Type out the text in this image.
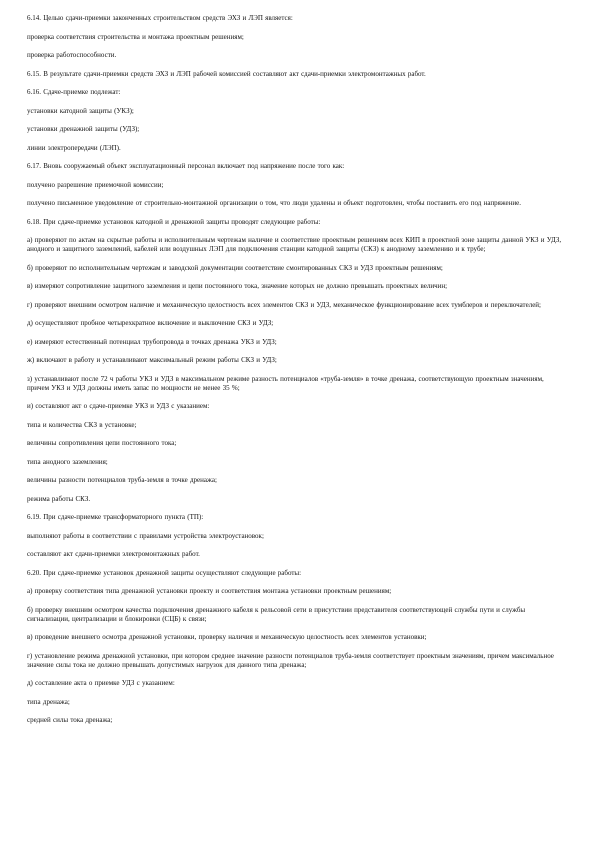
6.14. Целью сдачи-приемки законченных строительством средств ЭХЗ и ЛЭП является:

проверка соответствия строительства и монтажа проектным решениям;

проверка работоспособности.

6.15. В результате сдачи-приемки средств ЭХЗ и ЛЭП рабочей комиссией составляют акт сдачи-приемки электромонтажных работ.

6.16. Сдаче-приемке подлежат:

установки катодной защиты (УКЗ);

установки дренажной защиты (УДЗ);

линии электропередачи (ЛЭП).

6.17. Вновь сооружаемый объект эксплуатационный персонал включает под напряжение после того как:

получено разрешение приемочной комиссии;

получено письменное уведомление от строительно-монтажной организации о том, что люди удалены и объект подготовлен, чтобы поставить его под напряжение.

6.18. При сдаче-приемке установок катодной и дренажной защиты проводят следующие работы:

а) проверяют по актам на скрытые работы и исполнительным чертежам наличие и соответствие проектным решениям всех КИП в проектной зоне защиты данной УКЗ и УДЗ, анодного и защитного заземлений, кабелей или воздушных ЛЭП для подключения станции катодной защиты (СКЗ) к анодному заземлению и к трубе;

б) проверяют по исполнительным чертежам и заводской документации соответствие смонтированных СКЗ и УДЗ проектным решениям;

в) измеряют сопротивление защитного заземления и цепи постоянного тока, значение которых не должно превышать проектных величин;

г) проверяют внешним осмотром наличие и механическую целостность всех элементов СКЗ и УДЗ, механическое функционирование всех тумблеров и переключателей;

д) осуществляют пробное четырехкратное включение и выключение СКЗ и УДЗ;

е) измеряют естественный потенциал трубопровода в точках дренажа УКЗ и УДЗ;

ж) включают в работу и устанавливают максимальный режим работы СКЗ и УДЗ;

з) устанавливают после 72 ч работы УКЗ и УДЗ в максимальном режиме разность потенциалов «труба-земля» в точке дренажа, соответствующую проектным значениям, причем УКЗ и УДЗ должны иметь запас по мощности не менее 35 %;

и) составляют акт о сдаче-приемке УКЗ и УДЗ с указанием:

типа и количества СКЗ в установке;

величины сопротивления цепи постоянного тока;

типа анодного заземления;

величины разности потенциалов труба-земля в точке дренажа;

режима работы СКЗ.

6.19. При сдаче-приемке трансформаторного пункта (ТП):

выполняют работы в соответствии с правилами устройства электроустановок;

составляют акт сдачи-приемки электромонтажных работ.

6.20. При сдаче-приемке установок дренажной защиты осуществляют следующие работы:

а) проверку соответствия типа дренажной установки проекту и соответствия монтажа установки проектным решениям;

б) проверку внешним осмотром качества подключения дренажного кабеля к рельсовой сети в присутствии представителя соответствующей службы пути и службы сигнализации, централизации и блокировки (СЦБ) к связи;

в) проведение внешнего осмотра дренажной установки, проверку наличия и механическую целостность всех элементов установки;

г) установление режима дренажной установки, при котором среднее значение разности потенциалов труба-земля соответствует проектным значениям, причем максимальное значение силы тока не должно превышать допустимых нагрузок для данного типа дренажа;

д) составление акта о приемке УДЗ с указанием:

типа дренажа;

средней силы тока дренажа;
